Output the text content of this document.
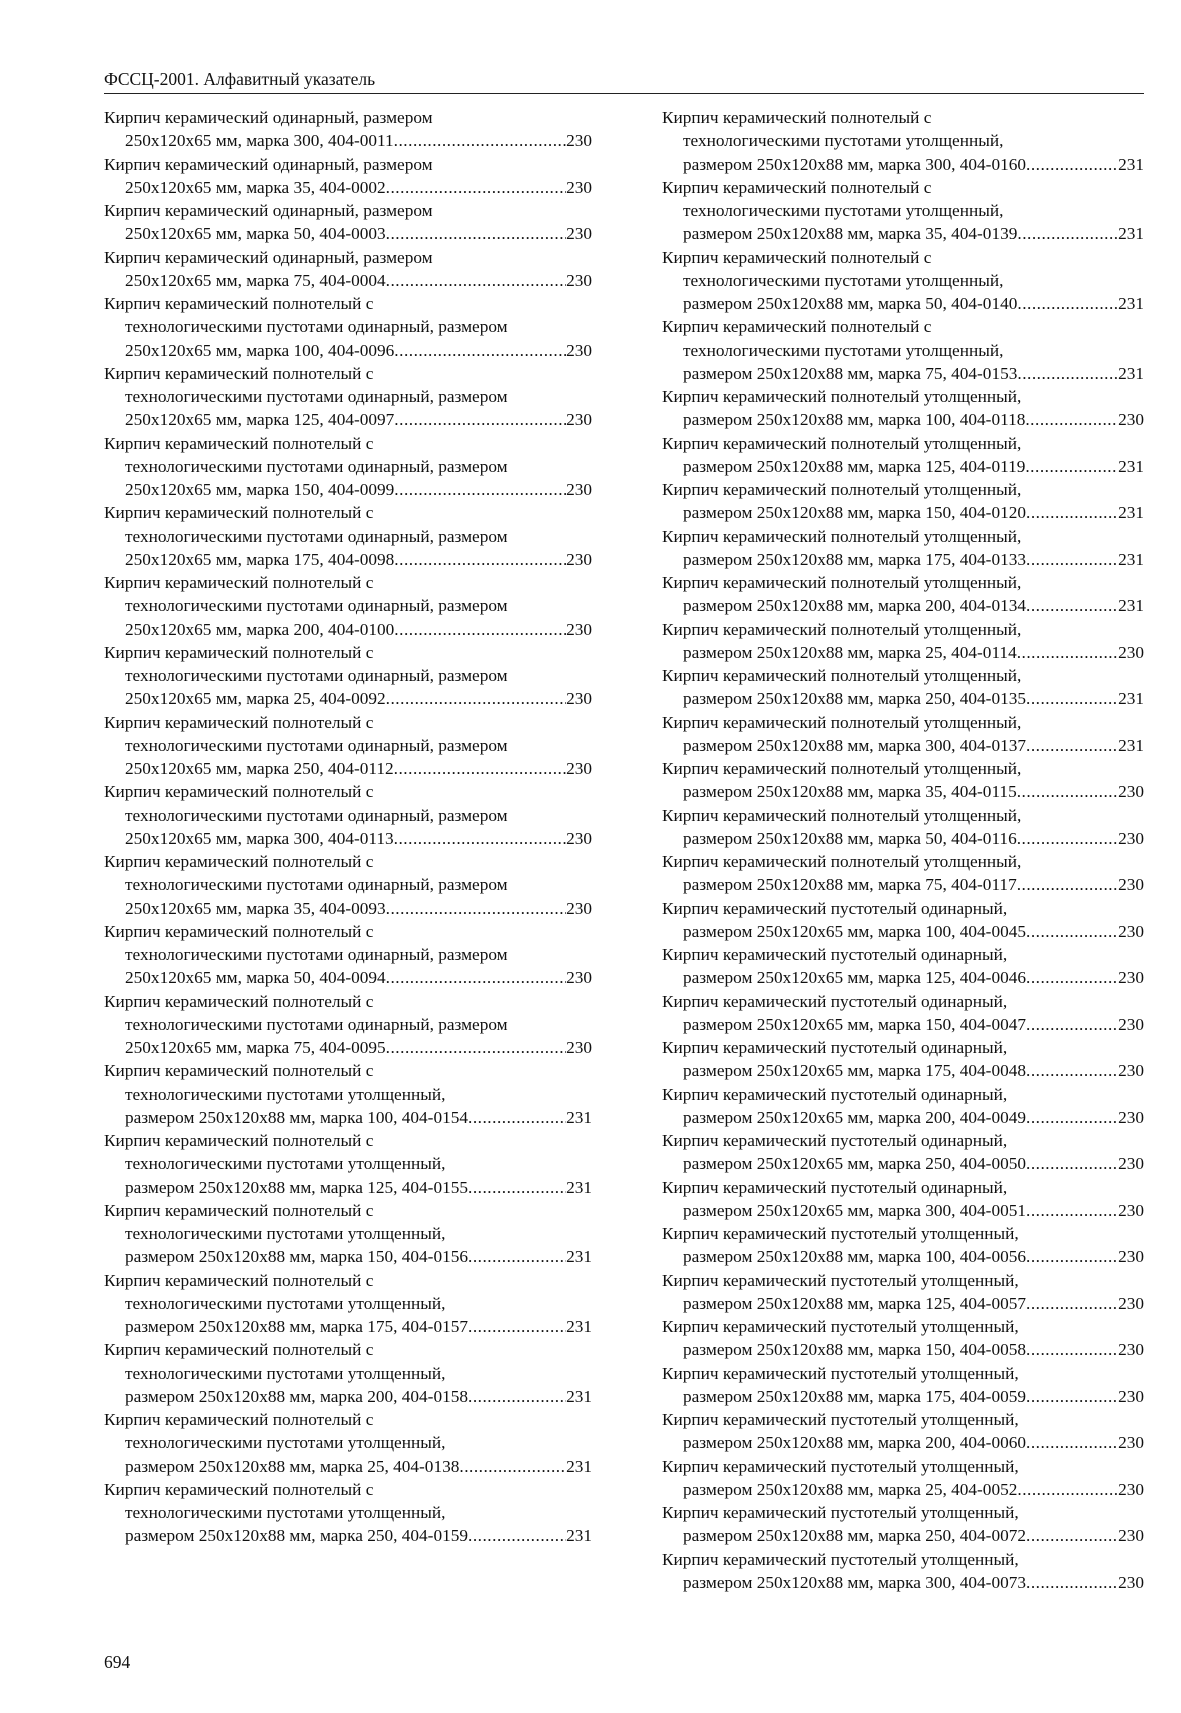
ФССЦ-2001. Алфавитный указатель
Кирпич керамический одинарный, размером
250x120x65 мм, марка 300, 404-0011 .....	230
Кирпич керамический одинарный, размером
250x120x65 мм, марка 35, 404-0002 .....	230
Кирпич керамический одинарный, размером
250x120x65 мм, марка 50, 404-0003 .....	230
Кирпич керамический одинарный, размером
250x120x65 мм, марка 75, 404-0004 .....	230
Кирпич керамический полнотелый с
технологическими пустотами одинарный, размером
250x120x65 мм, марка 100, 404-0096 .....	230
Кирпич керамический полнотелый с
технологическими пустотами одинарный, размером
250x120x65 мм, марка 125, 404-0097 .....	230
Кирпич керамический полнотелый с
технологическими пустотами одинарный, размером
250x120x65 мм, марка 150, 404-0099 .....	230
Кирпич керамический полнотелый с
технологическими пустотами одинарный, размером
250x120x65 мм, марка 175, 404-0098 .....	230
Кирпич керамический полнотелый с
технологическими пустотами одинарный, размером
250x120x65 мм, марка 200, 404-0100 .....	230
Кирпич керамический полнотелый с
технологическими пустотами одинарный, размером
250x120x65 мм, марка 25, 404-0092 .....	230
Кирпич керамический полнотелый с
технологическими пустотами одинарный, размером
250x120x65 мм, марка 250, 404-0112 .....	230
Кирпич керамический полнотелый с
технологическими пустотами одинарный, размером
250x120x65 мм, марка 300, 404-0113 .....	230
Кирпич керамический полнотелый с
технологическими пустотами одинарный, размером
250x120x65 мм, марка 35, 404-0093 .....	230
Кирпич керамический полнотелый с
технологическими пустотами одинарный, размером
250x120x65 мм, марка 50, 404-0094 .....	230
Кирпич керамический полнотелый с
технологическими пустотами одинарный, размером
250x120x65 мм, марка 75, 404-0095 .....	230
Кирпич керамический полнотелый с
технологическими пустотами утолщенный,
размером 250x120x88 мм, марка 100, 404-0154 .....	231
Кирпич керамический полнотелый с
технологическими пустотами утолщенный,
размером 250x120x88 мм, марка 125, 404-0155 .....	231
Кирпич керамический полнотелый с
технологическими пустотами утолщенный,
размером 250x120x88 мм, марка 150, 404-0156 .....	231
Кирпич керамический полнотелый с
технологическими пустотами утолщенный,
размером 250x120x88 мм, марка 175, 404-0157 .....	231
Кирпич керамический полнотелый с
технологическими пустотами утолщенный,
размером 250x120x88 мм, марка 200, 404-0158 .....	231
Кирпич керамический полнотелый с
технологическими пустотами утолщенный,
размером 250x120x88 мм, марка 25, 404-0138 .....	231
Кирпич керамический полнотелый с
технологическими пустотами утолщенный,
размером 250x120x88 мм, марка 250, 404-0159 .....	231
Кирпич керамический полнотелый с
технологическими пустотами утолщенный,
размером 250x120x88 мм, марка 300, 404-0160 .....	231
Кирпич керамический полнотелый с
технологическими пустотами утолщенный,
размером 250x120x88 мм, марка 35, 404-0139 .....	231
Кирпич керамический полнотелый с
технологическими пустотами утолщенный,
размером 250x120x88 мм, марка 50, 404-0140 .....	231
Кирпич керамический полнотелый с
технологическими пустотами утолщенный,
размером 250x120x88 мм, марка 75, 404-0153 .....	231
Кирпич керамический полнотелый утолщенный,
размером 250x120x88 мм, марка 100, 404-0118 .....	230
Кирпич керамический полнотелый утолщенный,
размером 250x120x88 мм, марка 125, 404-0119 .....	231
Кирпич керамический полнотелый утолщенный,
размером 250x120x88 мм, марка 150, 404-0120 .....	231
Кирпич керамический полнотелый утолщенный,
размером 250x120x88 мм, марка 175, 404-0133 .....	231
Кирпич керамический полнотелый утолщенный,
размером 250x120x88 мм, марка 200, 404-0134 .....	231
Кирпич керамический полнотелый утолщенный,
размером 250x120x88 мм, марка 25, 404-0114 .....	230
Кирпич керамический полнотелый утолщенный,
размером 250x120x88 мм, марка 250, 404-0135 .....	231
Кирпич керамический полнотелый утолщенный,
размером 250x120x88 мм, марка 300, 404-0137 .....	231
Кирпич керамический полнотелый утолщенный,
размером 250x120x88 мм, марка 35, 404-0115 .....	230
Кирпич керамический полнотелый утолщенный,
размером 250x120x88 мм, марка 50, 404-0116 .....	230
Кирпич керамический полнотелый утолщенный,
размером 250x120x88 мм, марка 75, 404-0117 .....	230
Кирпич керамический пустотелый одинарный,
размером 250x120x65 мм, марка 100, 404-0045 .....	230
Кирпич керамический пустотелый одинарный,
размером 250x120x65 мм, марка 125, 404-0046 .....	230
Кирпич керамический пустотелый одинарный,
размером 250x120x65 мм, марка 150, 404-0047 .....	230
Кирпич керамический пустотелый одинарный,
размером 250x120x65 мм, марка 175, 404-0048 .....	230
Кирпич керамический пустотелый одинарный,
размером 250x120x65 мм, марка 200, 404-0049 .....	230
Кирпич керамический пустотелый одинарный,
размером 250x120x65 мм, марка 250, 404-0050 .....	230
Кирпич керамический пустотелый одинарный,
размером 250x120x65 мм, марка 300, 404-0051 .....	230
Кирпич керамический пустотелый утолщенный,
размером 250x120x88 мм, марка 100, 404-0056 .....	230
Кирпич керамический пустотелый утолщенный,
размером 250x120x88 мм, марка 125, 404-0057 .....	230
Кирпич керамический пустотелый утолщенный,
размером 250x120x88 мм, марка 150, 404-0058 .....	230
Кирпич керамический пустотелый утолщенный,
размером 250x120x88 мм, марка 175, 404-0059 .....	230
Кирпич керамический пустотелый утолщенный,
размером 250x120x88 мм, марка 200, 404-0060 .....	230
Кирпич керамический пустотелый утолщенный,
размером 250x120x88 мм, марка 25, 404-0052 .....	230
Кирпич керамический пустотелый утолщенный,
размером 250x120x88 мм, марка 250, 404-0072 .....	230
Кирпич керамический пустотелый утолщенный,
размером 250x120x88 мм, марка 300, 404-0073 .....	230
694
